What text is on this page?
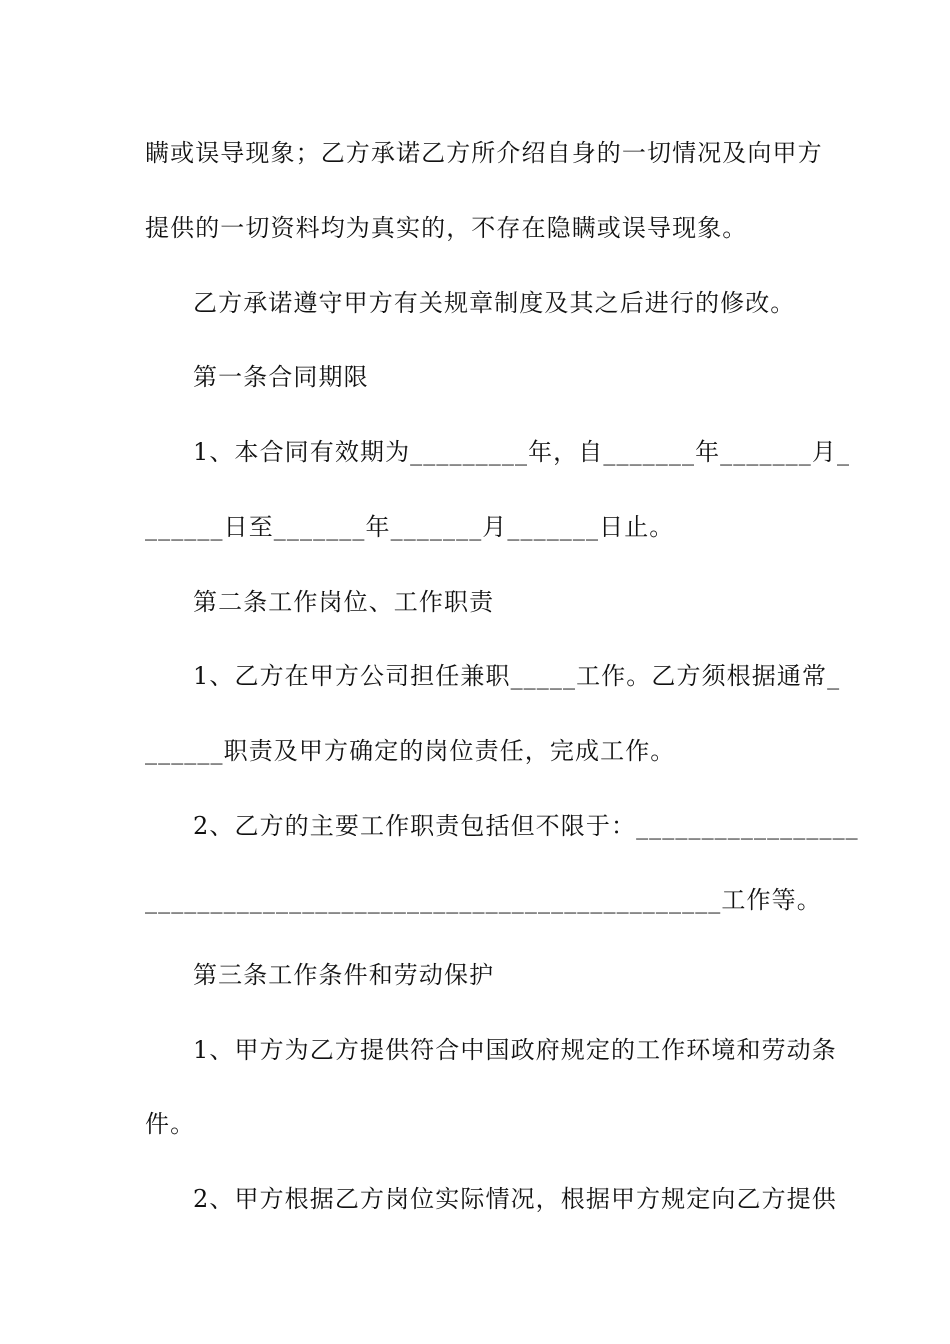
瞒或误导现象；乙方承诺乙方所介绍自身的一切情况及向甲方
提供的一切资料均为真实的，不存在隐瞒或误导现象。
乙方承诺遵守甲方有关规章制度及其之后进行的修改。
第一条合同期限
1、本合同有效期为_________年，自_______年_______月_
______日至_______年_______月_______日止。
第二条工作岗位、工作职责
1、乙方在甲方公司担任兼职_____工作。乙方须根据通常_
______职责及甲方确定的岗位责任，完成工作。
2、乙方的主要工作职责包括但不限于：_________________
____________________________________________工作等。
第三条工作条件和劳动保护
1、甲方为乙方提供符合中国政府规定的工作环境和劳动条
件。
2、甲方根据乙方岗位实际情况，根据甲方规定向乙方提供
